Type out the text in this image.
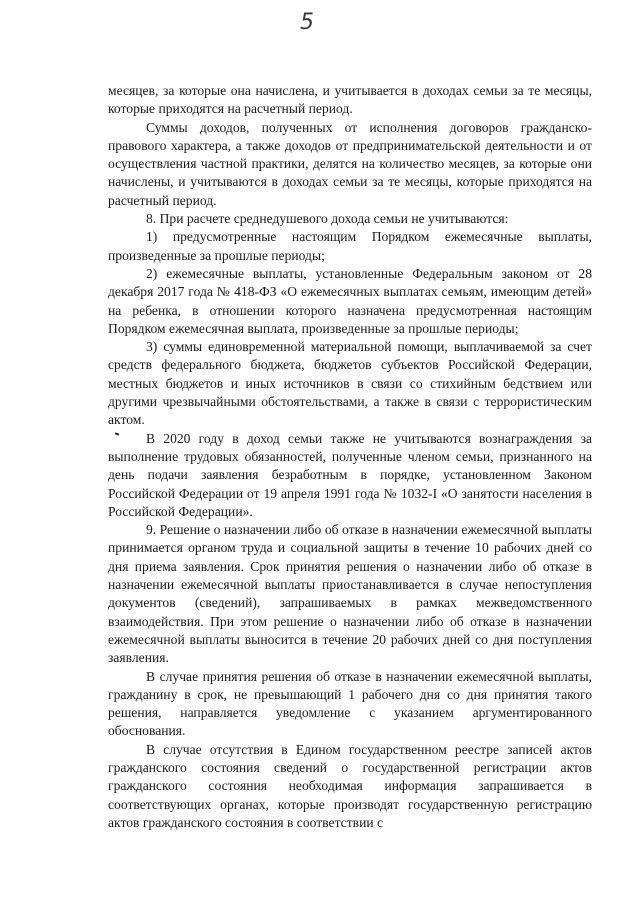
5

месяцев, за которые она начислена, и учитывается в доходах семьи за те месяцы, которые приходятся на расчетный период.

Суммы доходов, полученных от исполнения договоров гражданско-правового характера, а также доходов от предпринимательской деятельности и от осуществления частной практики, делятся на количество месяцев, за которые они начислены, и учитываются в доходах семьи за те месяцы, которые приходятся на расчетный период.

8. При расчете среднедушевого дохода семьи не учитываются:

1) предусмотренные настоящим Порядком ежемесячные выплаты, произведенные за прошлые периоды;

2) ежемесячные выплаты, установленные Федеральным законом от 28 декабря 2017 года № 418-ФЗ «О ежемесячных выплатах семьям, имеющим детей» на ребенка, в отношении которого назначена предусмотренная настоящим Порядком ежемесячная выплата, произведенные за прошлые периоды;

3) суммы единовременной материальной помощи, выплачиваемой за счет средств федерального бюджета, бюджетов субъектов Российской Федерации, местных бюджетов и иных источников в связи со стихийным бедствием или другими чрезвычайными обстоятельствами, а также в связи с террористическим актом.

В 2020 году в доход семьи также не учитываются вознаграждения за выполнение трудовых обязанностей, полученные членом семьи, признанного на день подачи заявления безработным в порядке, установленном Законом Российской Федерации от 19 апреля 1991 года № 1032-I «О занятости населения в Российской Федерации».

9. Решение о назначении либо об отказе в назначении ежемесячной выплаты принимается органом труда и социальной защиты в течение 10 рабочих дней со дня приема заявления. Срок принятия решения о назначении либо об отказе в назначении ежемесячной выплаты приостанавливается в случае непоступления документов (сведений), запрашиваемых в рамках межведомственного взаимодействия. При этом решение о назначении либо об отказе в назначении ежемесячной выплаты выносится в течение 20 рабочих дней со дня поступления заявления.

В случае принятия решения об отказе в назначении ежемесячной выплаты, гражданину в срок, не превышающий 1 рабочего дня со дня принятия такого решения, направляется уведомление с указанием аргументированного обоснования.

В случае отсутствия в Едином государственном реестре записей актов гражданского состояния сведений о государственной регистрации актов гражданского состояния необходимая информация запрашивается в соответствующих органах, которые производят государственную регистрацию актов гражданского состояния в соответствии с
